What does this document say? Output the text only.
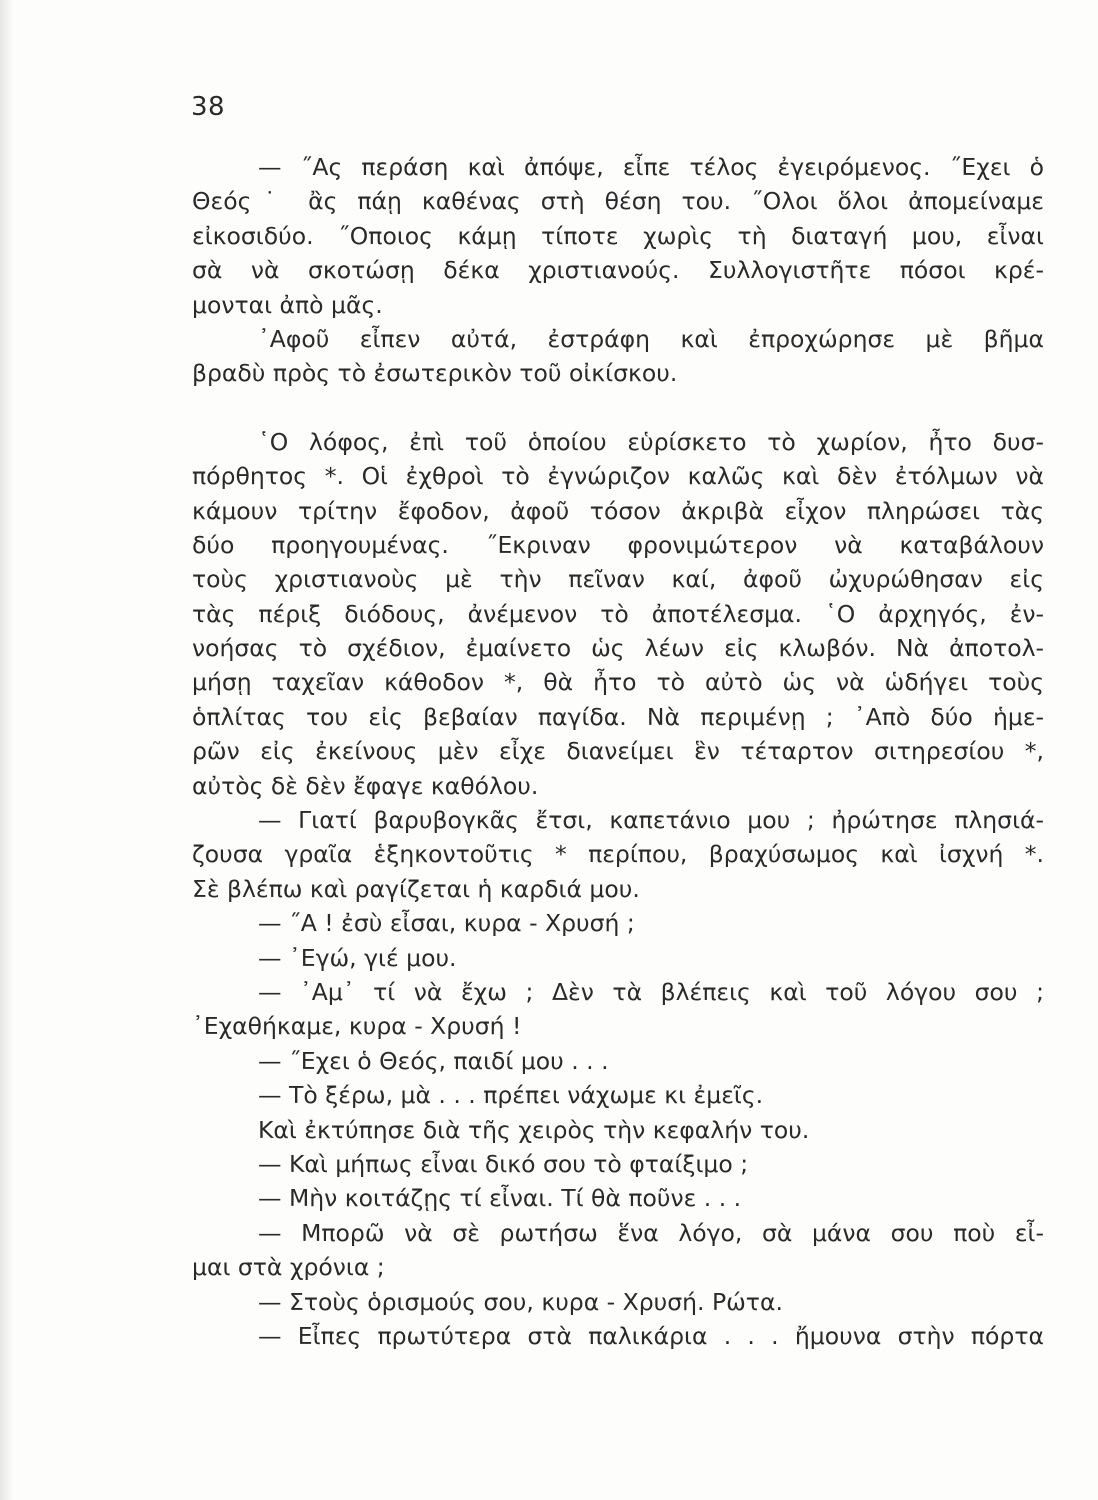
38
— ˝Ας περάση καὶ ἀπόψε, εἶπε τέλος ἐγειρόμενος. ˝Εχει ὁ
Θεός˙ ἂς πάῃ καθένας στὴ θέση του. ˝Ολοι ὅλοι ἀπομείναμε
εἰκοσιδύο. ˝Οποιος κάμῃ τίποτε χωρὶς τὴ διαταγή μου, εἶναι
σὰ νὰ σκοτώσῃ δέκα χριστιανούς. Συλλογιστῆτε πόσοι κρέ-
μονται ἀπὸ μᾶς.
᾿Αφοῦ εἶπεν αὐτά, ἐστράφη καὶ ἐπροχώρησε μὲ βῆμα
βραδὺ πρὸς τὸ ἐσωτερικὸν τοῦ οἰκίσκου.
῾Ο λόφος, ἐπὶ τοῦ ὁποίου εὑρίσκετο τὸ χωρίον, ἦτο δυσ-
πόρθητος *. Οἱ ἐχθροὶ τὸ ἐγνώριζον καλῶς καὶ δὲν ἐτόλμων νὰ
κάμουν τρίτην ἔφοδον, ἀφοῦ τόσον ἀκριβὰ εἶχον πληρώσει τὰς
δύο προηγουμένας. ˝Εκριναν φρονιμώτερον νὰ καταβάλουν
τοὺς χριστιανοὺς μὲ τὴν πεῖναν καί, ἀφοῦ ὠχυρώθησαν εἰς
τὰς πέριξ διόδους, ἀνέμενον τὸ ἀποτέλεσμα. ῾Ο ἀρχηγός, ἐν-
νοήσας τὸ σχέδιον, ἐμαίνετο ὡς λέων εἰς κλωβόν. Νὰ ἀποτολ-
μήσῃ ταχεῖαν κάθοδον *, θὰ ἦτο τὸ αὐτὸ ὡς νὰ ὡδήγει τοὺς
ὁπλίτας του εἰς βεβαίαν παγίδα. Νὰ περιμένῃ ; ᾿Απὸ δύο ἡμε-
ρῶν εἰς ἐκείνους μὲν εἶχε διανείμει ἓν τέταρτον σιτηρεσίου *,
αὐτὸς δὲ δὲν ἔφαγε καθόλου.
— Γιατί βαρυβογκᾶς ἔτσι, καπετάνιο μου ; ἠρώτησε πλησιά-
ζουσα γραῖα ἑξηκοντοῦτις * περίπου, βραχύσωμος καὶ ἰσχνή *.
Σὲ βλέπω καὶ ραγίζεται ἡ καρδιά μου.
— ˝Α ! ἐσὺ εἶσαι, κυρα - Χρυσή ;
— ᾿Εγώ, γιέ μου.
— ᾿Αμ᾿ τί νὰ ἔχω ; Δὲν τὰ βλέπεις καὶ τοῦ λόγου σου ;
᾿Εχαθήκαμε, κυρα - Χρυσή !
— ˝Εχει ὁ Θεός, παιδί μου . . .
— Τὸ ξέρω, μὰ . . . πρέπει νάχωμε κι ἐμεῖς.
Καὶ ἐκτύπησε διὰ τῆς χειρὸς τὴν κεφαλήν του.
— Καὶ μήπως εἶναι δικό σου τὸ φταίξιμο ;
— Μὴν κοιτάζῃς τί εἶναι. Τί θὰ ποῦνε . . .
— Μπορῶ νὰ σὲ ρωτήσω ἕνα λόγο, σὰ μάνα σου ποὺ εἶ-
μαι στὰ χρόνια ;
— Στοὺς ὁρισμούς σου, κυρα - Χρυσή. Ρώτα.
— Εἶπες πρωτύτερα στὰ παλικάρια . . . ἤμουνα στὴν πόρτα
